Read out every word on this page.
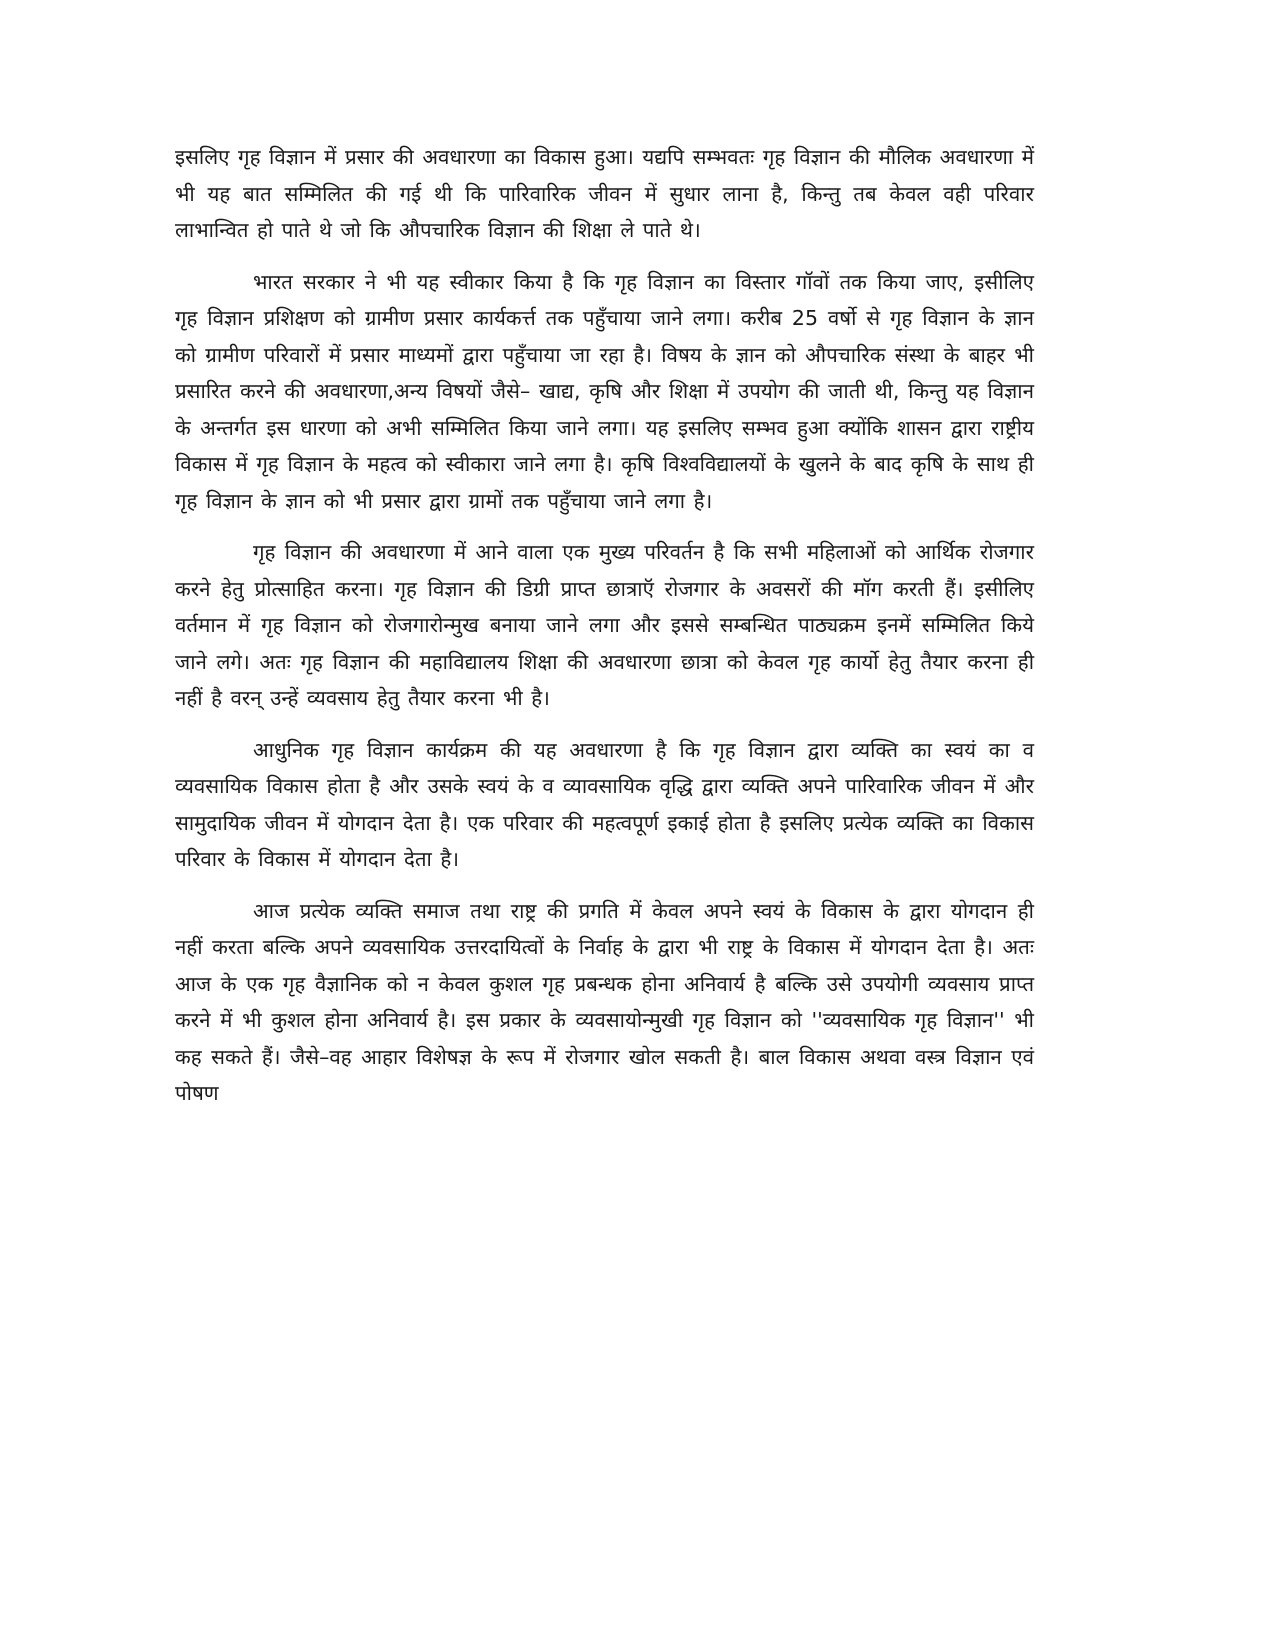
इसलिए गृह विज्ञान में प्रसार की अवधारणा का विकास हुआ। यद्यपि सम्भवतः गृह विज्ञान की मौलिक अवधारणा में भी यह बात सम्मिलित की गई थी कि पारिवारिक जीवन में सुधार लाना है, किन्तु तब केवल वही परिवार लाभान्वित हो पाते थे जो कि औपचारिक विज्ञान की शिक्षा ले पाते थे।

भारत सरकार ने भी यह स्वीकार किया है कि गृह विज्ञान का विस्तार गॉवों तक किया जाए, इसीलिए गृह विज्ञान प्रशिक्षण को ग्रामीण प्रसार कार्यकर्त्त तक पहुँचाया जाने लगा। करीब 25 वर्षो से गृह विज्ञान के ज्ञान को ग्रामीण परिवारों में प्रसार माध्यमों द्वारा पहुँचाया जा रहा है। विषय के ज्ञान को औपचारिक संस्था के बाहर भी प्रसारित करने की अवधारणा,अन्य विषयों जैसे– खाद्य, कृषि और शिक्षा में उपयोग की जाती थी, किन्तु यह विज्ञान के अन्तर्गत इस धारणा को अभी सम्मिलित किया जाने लगा। यह इसलिए सम्भव हुआ क्योंकि शासन द्वारा राष्ट्रीय विकास में गृह विज्ञान के महत्व को स्वीकारा जाने लगा है। कृषि विश्वविद्यालयों के खुलने के बाद कृषि के साथ ही गृह विज्ञान के ज्ञान को भी प्रसार द्वारा ग्रामों तक पहुँचाया जाने लगा है।

गृह विज्ञान की अवधारणा में आने वाला एक मुख्य परिवर्तन है कि सभी महिलाओं को आर्थिक रोजगार करने हेतु प्रोत्साहित करना। गृह विज्ञान की डिग्री प्राप्त छात्राऍ रोजगार के अवसरों की मॉग करती हैं। इसीलिए वर्तमान में गृह विज्ञान को रोजगारोन्मुख बनाया जाने लगा और इससे सम्बन्धित पाठ्यक्रम इनमें सम्मिलित किये जाने लगे। अतः गृह विज्ञान की महाविद्यालय शिक्षा की अवधारणा छात्रा को केवल गृह कार्यो हेतु तैयार करना ही नहीं है वरन् उन्हें व्यवसाय हेतु तैयार करना भी है।

आधुनिक गृह विज्ञान कार्यक्रम की यह अवधारणा है कि गृह विज्ञान द्वारा व्यक्ति का स्वयं का व व्यवसायिक विकास होता है और उसके स्वयं के व व्यावसायिक वृद्धि द्वारा व्यक्ति अपने पारिवारिक जीवन में और सामुदायिक जीवन में योगदान देता है। एक परिवार की महत्वपूर्ण इकाई होता है इसलिए प्रत्येक व्यक्ति का विकास परिवार के विकास में योगदान देता है।

आज प्रत्येक व्यक्ति समाज तथा राष्ट्र की प्रगति में केवल अपने स्वयं के विकास के द्वारा योगदान ही नहीं करता बल्कि अपने व्यवसायिक उत्तरदायित्वों के निर्वाह के द्वारा भी राष्ट्र के विकास में योगदान देता है। अतः आज के एक गृह वैज्ञानिक को न केवल कुशल गृह प्रबन्धक होना अनिवार्य है बल्कि उसे उपयोगी व्यवसाय प्राप्त करने में भी कुशल होना अनिवार्य है। इस प्रकार के व्यवसायोन्मुखी गृह विज्ञान को ''व्यवसायिक गृह विज्ञान'' भी कह सकते हैं। जैसे–वह आहार विशेषज्ञ के रूप में रोजगार खोल सकती है। बाल विकास अथवा वस्त्र विज्ञान एवं पोषण
